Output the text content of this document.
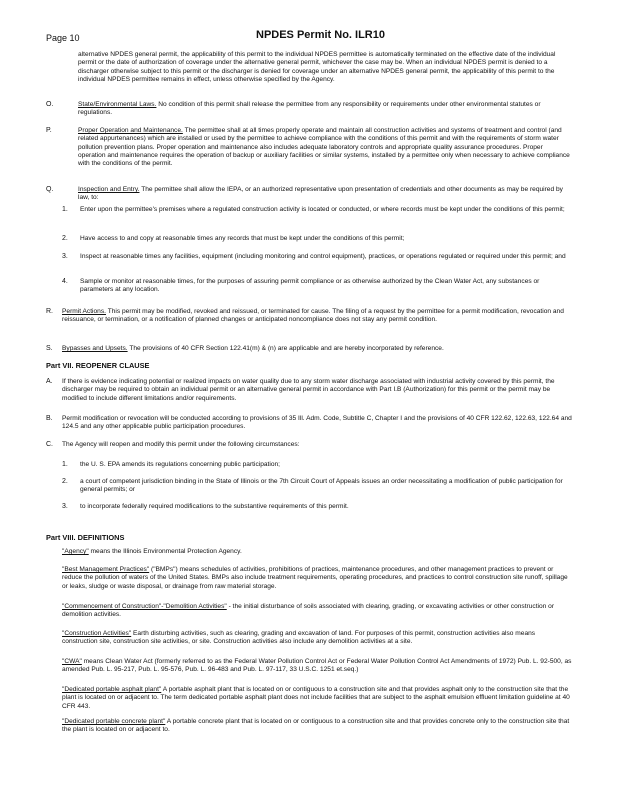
Page 10	NPDES Permit No. ILR10
alternative NPDES general permit, the applicability of this permit to the individual NPDES permittee is automatically terminated on the effective date of the individual permit or the date of authorization of coverage under the alternative general permit, whichever the case may be. When an individual NPDES permit is denied to a discharger otherwise subject to this permit or the discharger is denied for coverage under an alternative NPDES general permit, the applicability of this permit to the individual NPDES permittee remains in effect, unless otherwise specified by the Agency.
O.	State/Environmental Laws. No condition of this permit shall release the permittee from any responsibility or requirements under other environmental statutes or regulations.
P.	Proper Operation and Maintenance. The permittee shall at all times properly operate and maintain all construction activities and systems of treatment and control (and related appurtenances) which are installed or used by the permittee to achieve compliance with the conditions of this permit and with the requirements of storm water pollution prevention plans. Proper operation and maintenance also includes adequate laboratory controls and appropriate quality assurance procedures. Proper operation and maintenance requires the operation of backup or auxiliary facilities or similar systems, installed by a permittee only when necessary to achieve compliance with the conditions of the permit.
Q.	Inspection and Entry. The permittee shall allow the IEPA, or an authorized representative upon presentation of credentials and other documents as may be required by law, to:
1. Enter upon the permittee's premises where a regulated construction activity is located or conducted, or where records must be kept under the conditions of this permit;
2. Have access to and copy at reasonable times any records that must be kept under the conditions of this permit;
3. Inspect at reasonable times any facilities, equipment (including monitoring and control equipment), practices, or operations regulated or required under this permit; and
4. Sample or monitor at reasonable times, for the purposes of assuring permit compliance or as otherwise authorized by the Clean Water Act, any substances or parameters at any location.
R. Permit Actions. This permit may be modified, revoked and reissued, or terminated for cause. The filing of a request by the permittee for a permit modification, revocation and reissuance, or termination, or a notification of planned changes or anticipated noncompliance does not stay any permit condition.
S. Bypasses and Upsets. The provisions of 40 CFR Section 122.41(m) & (n) are applicable and are hereby incorporated by reference.
Part VII. REOPENER CLAUSE
A. If there is evidence indicating potential or realized impacts on water quality due to any storm water discharge associated with industrial activity covered by this permit, the discharger may be required to obtain an individual permit or an alternative general permit in accordance with Part I.B (Authorization) for this permit or the permit may be modified to include different limitations and/or requirements.
B. Permit modification or revocation will be conducted according to provisions of 35 Ill. Adm. Code, Subtitle C, Chapter I and the provisions of 40 CFR 122.62, 122.63, 122.64 and 124.5 and any other applicable public participation procedures.
C. The Agency will reopen and modify this permit under the following circumstances:
1. the U. S. EPA amends its regulations concerning public participation;
2. a court of competent jurisdiction binding in the State of Illinois or the 7th Circuit Court of Appeals issues an order necessitating a modification of public participation for general permits; or
3. to incorporate federally required modifications to the substantive requirements of this permit.
Part VIII. DEFINITIONS
"Agency" means the Illinois Environmental Protection Agency.
"Best Management Practices" ("BMPs") means schedules of activities, prohibitions of practices, maintenance procedures, and other management practices to prevent or reduce the pollution of waters of the United States. BMPs also include treatment requirements, operating procedures, and practices to control construction site runoff, spillage or leaks, sludge or waste disposal, or drainage from raw material storage.
"Commencement of Construction"-"Demolition Activities" - the initial disturbance of soils associated with clearing, grading, or excavating activities or other construction or demolition activities.
"Construction Activities" Earth disturbing activities, such as clearing, grading and excavation of land. For purposes of this permit, construction activities also means construction site, construction site activities, or site. Construction activities also include any demolition activities at a site.
"CWA" means Clean Water Act (formerly referred to as the Federal Water Pollution Control Act or Federal Water Pollution Control Act Amendments of 1972) Pub. L. 92-500, as amended Pub. L. 95-217, Pub. L. 95-576, Pub. L. 96-483 and Pub. L. 97-117, 33 U.S.C. 1251 et.seq.)
"Dedicated portable asphalt plant" A portable asphalt plant that is located on or contiguous to a construction site and that provides asphalt only to the construction site that the plant is located on or adjacent to. The term dedicated portable asphalt plant does not include facilities that are subject to the asphalt emulsion effluent limitation guideline at 40 CFR 443.
"Dedicated portable concrete plant" A portable concrete plant that is located on or contiguous to a construction site and that provides concrete only to the construction site that the plant is located on or adjacent to.
